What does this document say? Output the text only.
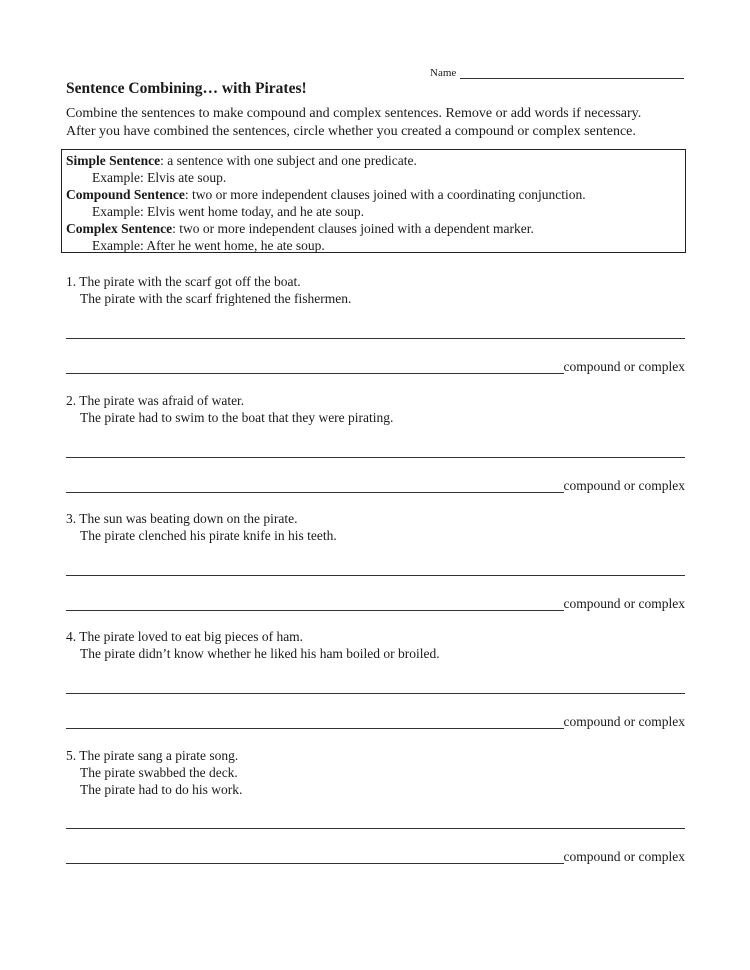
Name
Sentence Combining… with Pirates!
Combine the sentences to make compound and complex sentences. Remove or add words if necessary.
After you have combined the sentences, circle whether you created a compound or complex sentence.
Simple Sentence: a sentence with one subject and one predicate.
Example: Elvis ate soup.
Compound Sentence: two or more independent clauses joined with a coordinating conjunction.
Example: Elvis went home today, and he ate soup.
Complex Sentence: two or more independent clauses joined with a dependent marker.
Example: After he went home, he ate soup.
1. The pirate with the scarf got off the boat.
The pirate with the scarf frightened the fishermen.
compound or complex
2. The pirate was afraid of water.
The pirate had to swim to the boat that they were pirating.
compound or complex
3. The sun was beating down on the pirate.
The pirate clenched his pirate knife in his teeth.
compound or complex
4. The pirate loved to eat big pieces of ham.
The pirate didn’t know whether he liked his ham boiled or broiled.
compound or complex
5. The pirate sang a pirate song.
The pirate swabbed the deck.
The pirate had to do his work.
compound or complex
